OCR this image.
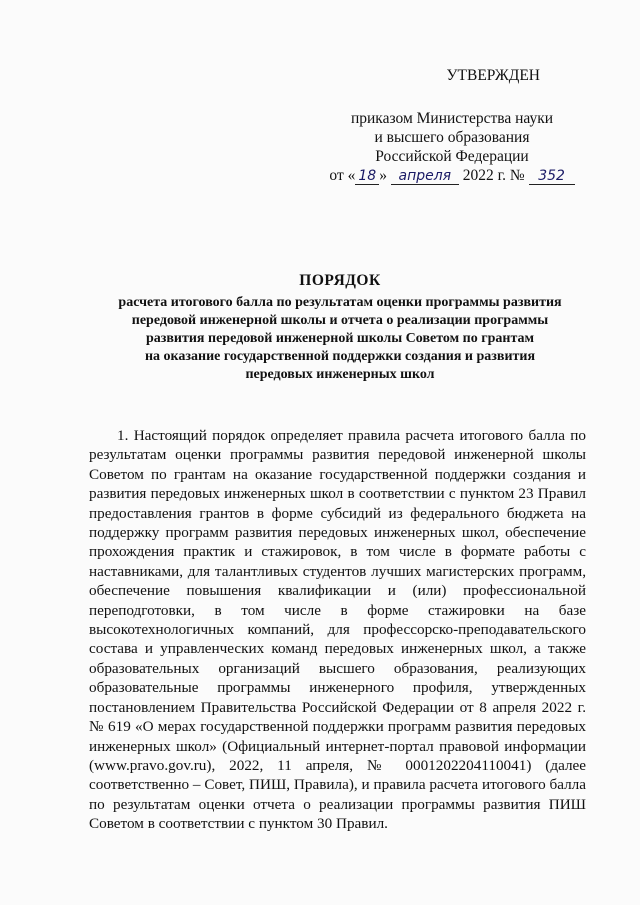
УТВЕРЖДЕН
приказом Министерства науки
и высшего образования
Российской Федерации
от « 18 » апреля 2022 г. № 352
ПОРЯДОК
расчета итогового балла по результатам оценки программы развития
передовой инженерной школы и отчета о реализации программы
развития передовой инженерной школы Советом по грантам
на оказание государственной поддержки создания и развития
передовых инженерных школ

1. Настоящий порядок определяет правила расчета итогового балла по результатам оценки программы развития передовой инженерной школы Советом по грантам на оказание государственной поддержки создания и развития передовых инженерных школ в соответствии с пунктом 23 Правил предоставления грантов в форме субсидий из федерального бюджета на поддержку программ развития передовых инженерных школ, обеспечение прохождения практик и стажировок, в том числе в формате работы с наставниками, для талантливых студентов лучших магистерских программ, обеспечение повышения квалификации и (или) профессиональной переподготовки, в том числе в форме стажировки на базе высокотехнологичных компаний, для профессорско-преподавательского состава и управленческих команд передовых инженерных школ, а также образовательных организаций высшего образования, реализующих образовательные программы инженерного профиля, утвержденных постановлением Правительства Российской Федерации от 8 апреля 2022 г. № 619 «О мерах государственной поддержки программ развития передовых инженерных школ» (Официальный интернет-портал правовой информации (www.pravo.gov.ru), 2022, 11 апреля, № 0001202204110041) (далее соответственно – Совет, ПИШ, Правила), и правила расчета итогового балла по результатам оценки отчета о реализации программы развития ПИШ Советом в соответствии с пунктом 30 Правил.
